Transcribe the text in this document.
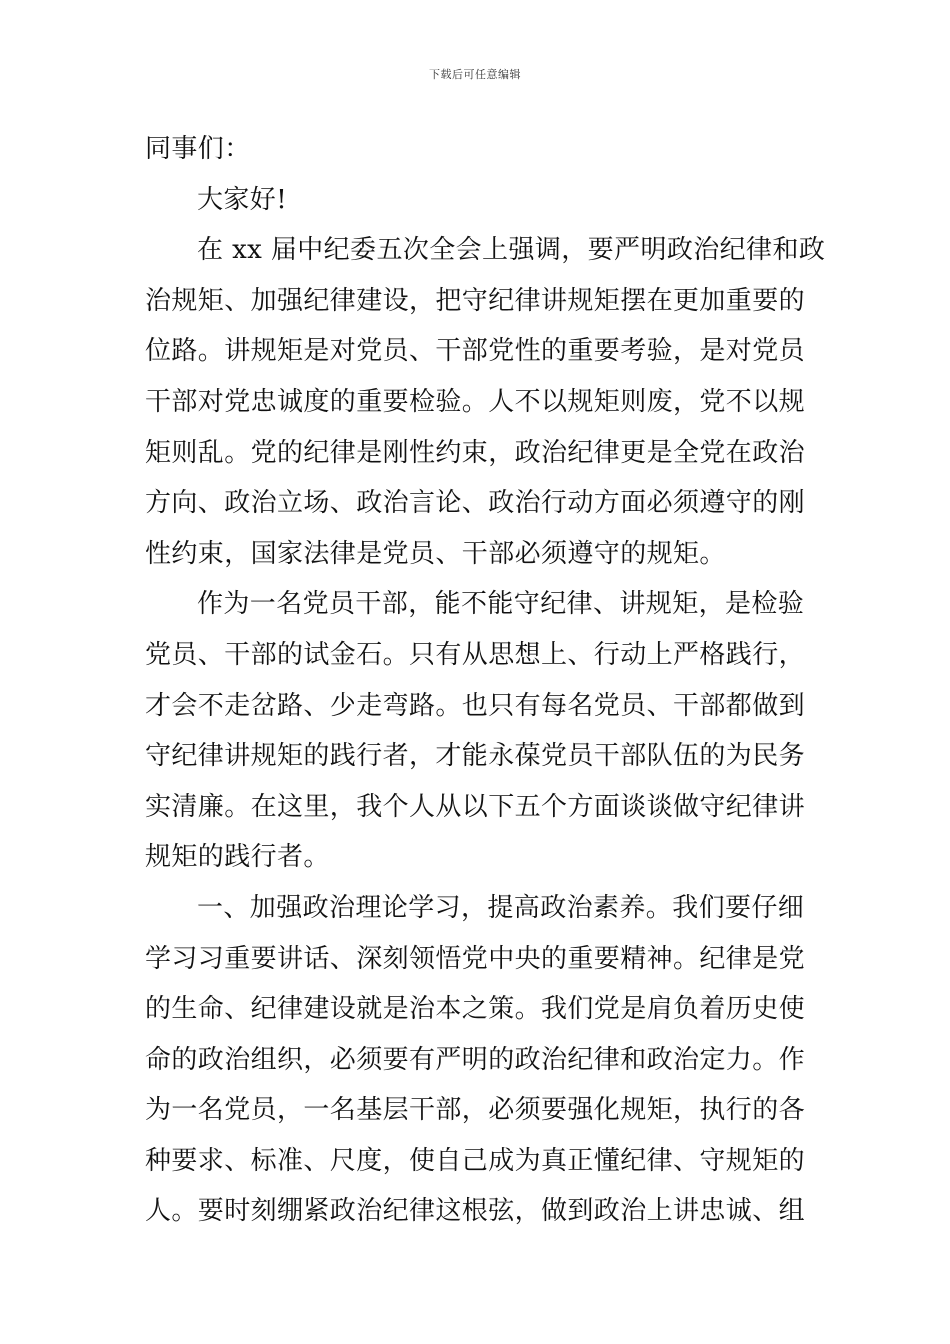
下载后可任意编辑
同事们：
大家好!
在 xx 届中纪委五次全会上强调，要严明政治纪律和政
治规矩、加强纪律建设，把守纪律讲规矩摆在更加重要的
位路。讲规矩是对党员、干部党性的重要考验，是对党员
干部对党忠诚度的重要检验。人不以规矩则废，党不以规
矩则乱。党的纪律是刚性约束，政治纪律更是全党在政治
方向、政治立场、政治言论、政治行动方面必须遵守的刚
性约束，国家法律是党员、干部必须遵守的规矩。
作为一名党员干部，能不能守纪律、讲规矩，是检验
党员、干部的试金石。只有从思想上、行动上严格践行，
才会不走岔路、少走弯路。也只有每名党员、干部都做到
守纪律讲规矩的践行者，才能永葆党员干部队伍的为民务
实清廉。在这里，我个人从以下五个方面谈谈做守纪律讲
规矩的践行者。
一、加强政治理论学习，提高政治素养。我们要仔细
学习习重要讲话、深刻领悟党中央的重要精神。纪律是党
的生命、纪律建设就是治本之策。我们党是肩负着历史使
命的政治组织，必须要有严明的政治纪律和政治定力。作
为一名党员，一名基层干部，必须要强化规矩，执行的各
种要求、标准、尺度，使自己成为真正懂纪律、守规矩的
人。要时刻绷紧政治纪律这根弦，做到政治上讲忠诚、组
